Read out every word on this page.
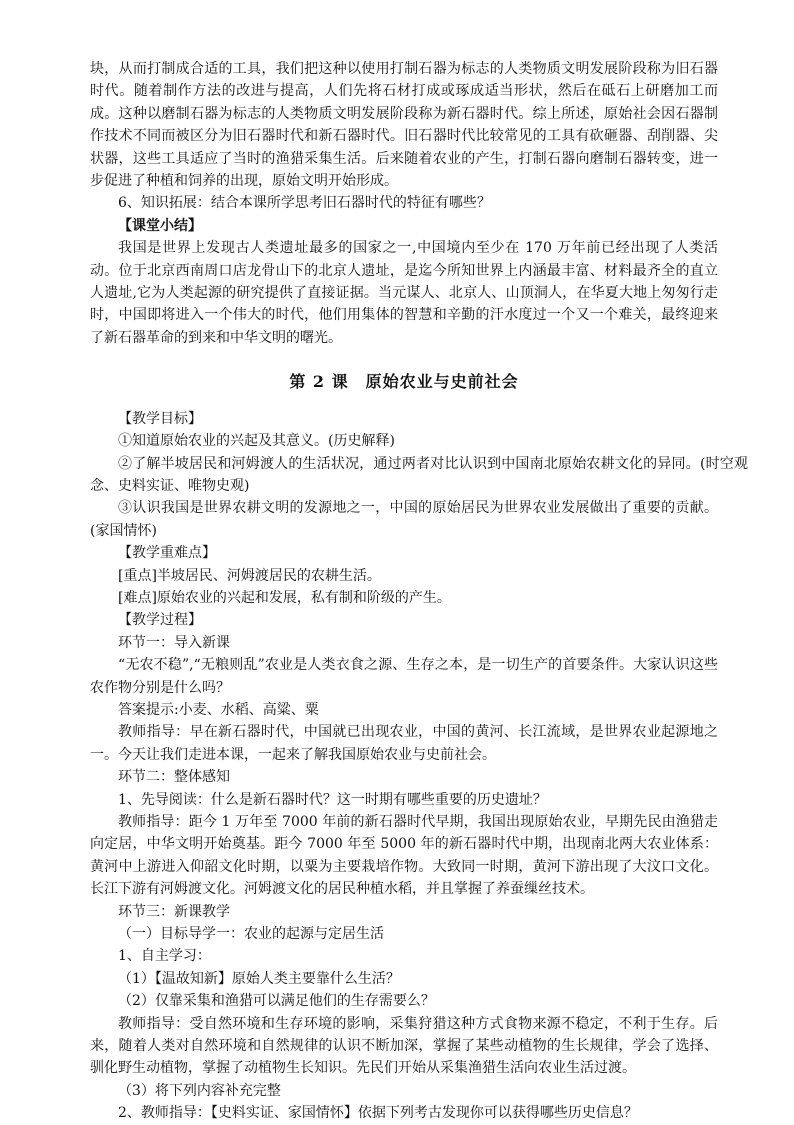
块，从而打制成合适的工具，我们把这种以使用打制石器为标志的人类物质文明发展阶段称为旧石器时代。随着制作方法的改进与提高，人们先将石材打成或琢成适当形状，然后在砥石上研磨加工而成。这种以磨制石器为标志的人类物质文明发展阶段称为新石器时代。综上所述，原始社会因石器制作技术不同而被区分为旧石器时代和新石器时代。旧石器时代比较常见的工具有砍砸器、刮削器、尖状器，这些工具适应了当时的渔猎采集生活。后来随着农业的产生，打制石器向磨制石器转变，进一步促进了种植和饲养的出现，原始文明开始形成。

6、知识拓展：结合本课所学思考旧石器时代的特征有哪些？

【课堂小结】

我国是世界上发现古人类遗址最多的国家之一,中国境内至少在 170 万年前已经出现了人类活动。位于北京西南周口店龙骨山下的北京人遗址，是迄今所知世界上内涵最丰富、材料最齐全的直立人遗址,它为人类起源的研究提供了直接证据。当元谋人、北京人、山顶洞人，在华夏大地上匆匆行走时，中国即将进入一个伟大的时代，他们用集体的智慧和辛勤的汗水度过一个又一个难关，最终迎来了新石器革命的到来和中华文明的曙光。

第 2 课　原始农业与史前社会

【教学目标】

①知道原始农业的兴起及其意义。(历史解释)

②了解半坡居民和河姆渡人的生活状况，通过两者对比认识到中国南北原始农耕文化的异同。(时空观念、史料实证、唯物史观)

③认识我国是世界农耕文明的发源地之一，中国的原始居民为世界农业发展做出了重要的贡献。(家国情怀)

【教学重难点】

[重点]半坡居民、河姆渡居民的农耕生活。

[难点]原始农业的兴起和发展，私有制和阶级的产生。

【教学过程】

环节一：导入新课

“无农不稳”,“无粮则乱”农业是人类衣食之源、生存之本，是一切生产的首要条件。大家认识这些农作物分别是什么吗？

答案提示:小麦、水稻、高粱、粟

教师指导：早在新石器时代，中国就已出现农业，中国的黄河、长江流域，是世界农业起源地之一。今天让我们走进本课，一起来了解我国原始农业与史前社会。

环节二：整体感知

1、先导阅读：什么是新石器时代？这一时期有哪些重要的历史遗址？

教师指导：距今 1 万年至 7000 年前的新石器时代早期，我国出现原始农业，早期先民由渔猎走向定居，中华文明开始奠基。距今 7000 年至 5000 年的新石器时代中期，出现南北两大农业体系：黄河中上游进入仰韶文化时期，以粟为主要栽培作物。大致同一时期，黄河下游出现了大汶口文化。长江下游有河姆渡文化。河姆渡文化的居民种植水稻，并且掌握了养蚕缫丝技术。

环节三：新课教学

（一）目标导学一：农业的起源与定居生活

1、自主学习：

（1）【温故知新】原始人类主要靠什么生活？

（2）仅靠采集和渔猎可以满足他们的生存需要么？

教师指导：受自然环境和生存环境的影响，采集狩猎这种方式食物来源不稳定，不利于生存。后来，随着人类对自然环境和自然规律的认识不断加深，掌握了某些动植物的生长规律，学会了选择、驯化野生动植物，掌握了动植物生长知识。先民们开始从采集渔猎生活向农业生活过渡。

（3）将下列内容补充完整

2、教师指导：【史料实证、家国情怀】依据下列考古发现你可以获得哪些历史信息？
